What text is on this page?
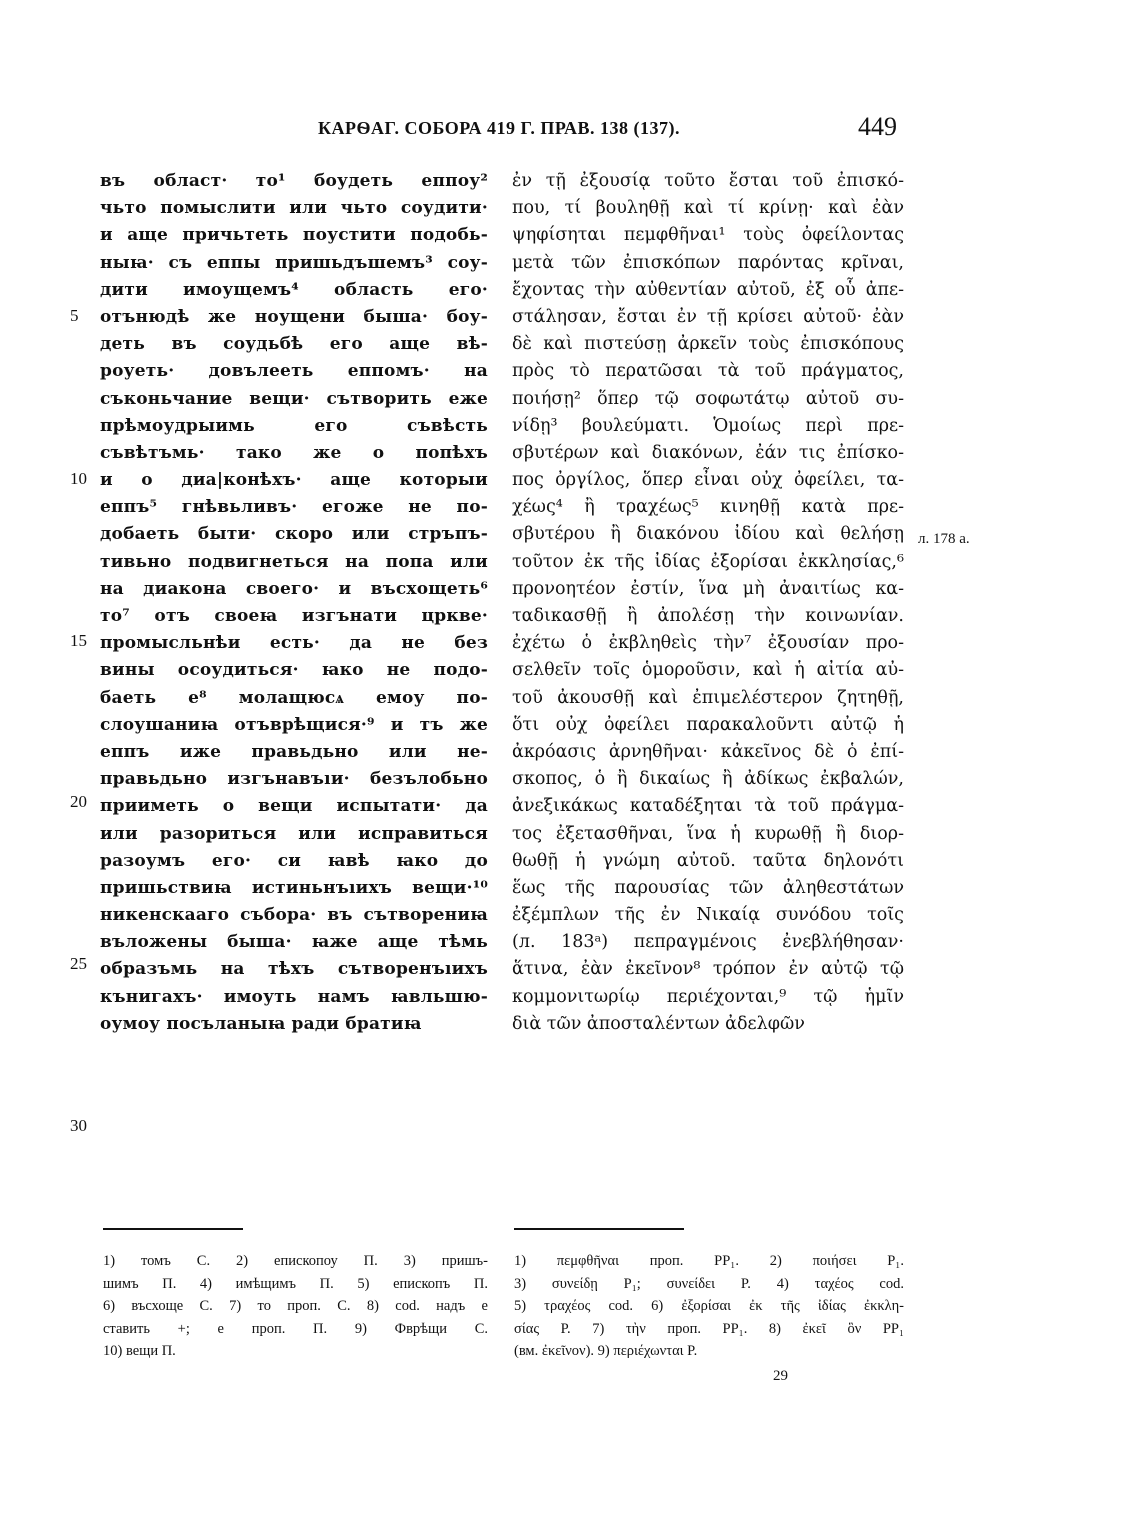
КАРѲАГ. СОБОРА 419 Г. ПРАВ. 138 (137).	449
въ област· то¹ боудеть еппоу²
чьто помыслити или чьто соудити·
и аще причьтеть поустити подобь-
ныꙗ· съ еппы пришьдъшемъ³ соу-
дити имоущемъ⁴ область его·
отънюдѣ же ноущени быша· боу-
деть въ соудьбѣ его аще вѣ-
роуеть· довълееть еппомъ· на
съконьчание вещи· сътворить еже
прѣмоудрыимь его съвѣсть
съвѣтъмь· тако же о попѣхъ
и о диа|конѣхъ· аще которыи
еппъ⁵ гнѣвьливъ· егоже не по-
добаеть быти· скоро или стръпъ-
тивьно подвигнеться на попа или
на диакона своего· и въсхощеть⁶
то⁷ отъ своеꙗ изгънати црквe·
промысльнѣи есть· да не без
вины осоудиться· ꙗко не подо-
баеть е⁸ молащюсѧ емоу по-
слоушаниꙗ отъврѣщися·⁹ и тъ же
еппъ иже правьдьно или не-
правьдьно изгънавъıи· безълобьно
прииметь о вещи испытати· да
или разориться или исправиться
разоумъ его· си ꙗвѣ ꙗко до
пришьствиꙗ истиньнъıихъ вещи·¹⁰
никенскааго събора· въ сътворениꙗ
въложены быша· ꙗже аще тѣмь
образъмь на тѣхъ сътворенъıихъ
кънигахъ· имоуть намъ ꙗвльшю-
оумоу посъланыꙗ ради братиꙗ
ἐν τῇ ἐξουσίᾳ τοῦτο ἔσται τοῦ ἐπισκό-
που, τί βουληθῇ καὶ τί κρίνῃ· καὶ ἐὰν
ψηφίσηται πεμφθῆναι¹ τοὺς ὀφείλοντας
μετὰ τῶν ἐπισκόπων παρόντας κρῖναι,
ἔχοντας τὴν αὐθεντίαν αὐτοῦ, ἐξ οὗ ἀπε-
στάλησαν, ἔσται ἐν τῇ κρίσει αὐτοῦ· ἐὰν
δὲ καὶ πιστεύσῃ ἀρκεῖν τοὺς ἐπισκόπους
πρὸς τὸ περατῶσαι τὰ τοῦ πράγματος,
ποιήσῃ² ὅπερ τῷ σοφωτάτῳ αὐτοῦ συ-
νίδῃ³ βουλεύματι. Ὁμοίως περὶ πρε-
σβυτέρων καὶ διακόνων, ἐάν τις ἐπίσκο-
πος ὀργίλος, ὅπερ εἶναι οὐχ ὀφείλει, τα-
χέως⁴ ἢ τραχέως⁵ κινηθῇ κατὰ πρε-
σβυτέρου ἢ διακόνου ἰδίου καὶ θελήσῃ
τοῦτον ἐκ τῆς ἰδίας ἐξορίσαι ἐκκλησίας,⁶
προνοητέον ἐστίν, ἵνα μὴ ἀναιτίως κα-
ταδικασθῇ ἢ ἀπολέσῃ τὴν κοινωνίαν.
ἐχέτω ὁ ἐκβληθεὶς τὴν⁷ ἐξουσίαν προ-
σελθεῖν τοῖς ὁμοροῦσιν, καὶ ἡ αἰτία αὐ-
τοῦ ἀκουσθῇ καὶ ἐπιμελέστερον ζητηθῇ,
ὅτι οὐχ ὀφείλει παρακαλοῦντι αὐτῷ ἡ
ἀκρόασις ἀρνηθῆναι· κἀκεῖνος δὲ ὁ ἐπί-
σκοπος, ὁ ἢ δικαίως ἢ ἀδίκως ἐκβαλών,
ἀνεξικάκως καταδέξηται τὰ τοῦ πράγμα-
τος ἐξετασθῆναι, ἵνα ἡ κυρωθῇ ἢ διορ-
θωθῇ ἡ γνώμη αὐτοῦ. ταῦτα δηλονότι
ἕως τῆς παρουσίας τῶν ἀληθεστάτων
ἐξέμπλων τῆς ἐν Νικαίᾳ συνόδου τοῖς
(л. 183ᵃ) πεπραγμένοις ἐνεβλήθησαν·
ἅτινα, ἐὰν ἐκεῖνον⁸ τρόπον ἐν αὐτῷ τῷ
κομμονιτωρίῳ περιέχονται,⁹ τῷ ἡμῖν
διὰ τῶν ἀποσταλέντων ἀδελφῶν
5
10
15
20
25
30
л. 178 а.
1) томъ С. 2) епископоу П. 3) пришъ-
шимъ П. 4) имѣщимъ П. 5) епископъ П.
6) въсхоще С. 7) то проп. С. 8) cod. надъ е
ставить +; е проп. П. 9) Фврѣщи С.
10) вещи П.
1) πεμφθῆναι проп. PP₁. 2) ποιήσει P₁.
3) συνείδῃ P₁; συνείδει P. 4) ταχέος cod.
5) τραχέος cod. 6) ἐξορίσαι ἐκ τῆς ἰδίας ἐκκλη-
σίας P. 7) τὴν проп. PP₁. 8) ἐκεῖ ὃν PP₁
(вм. ἐκεῖνον). 9) περιέχωνται P.
29
